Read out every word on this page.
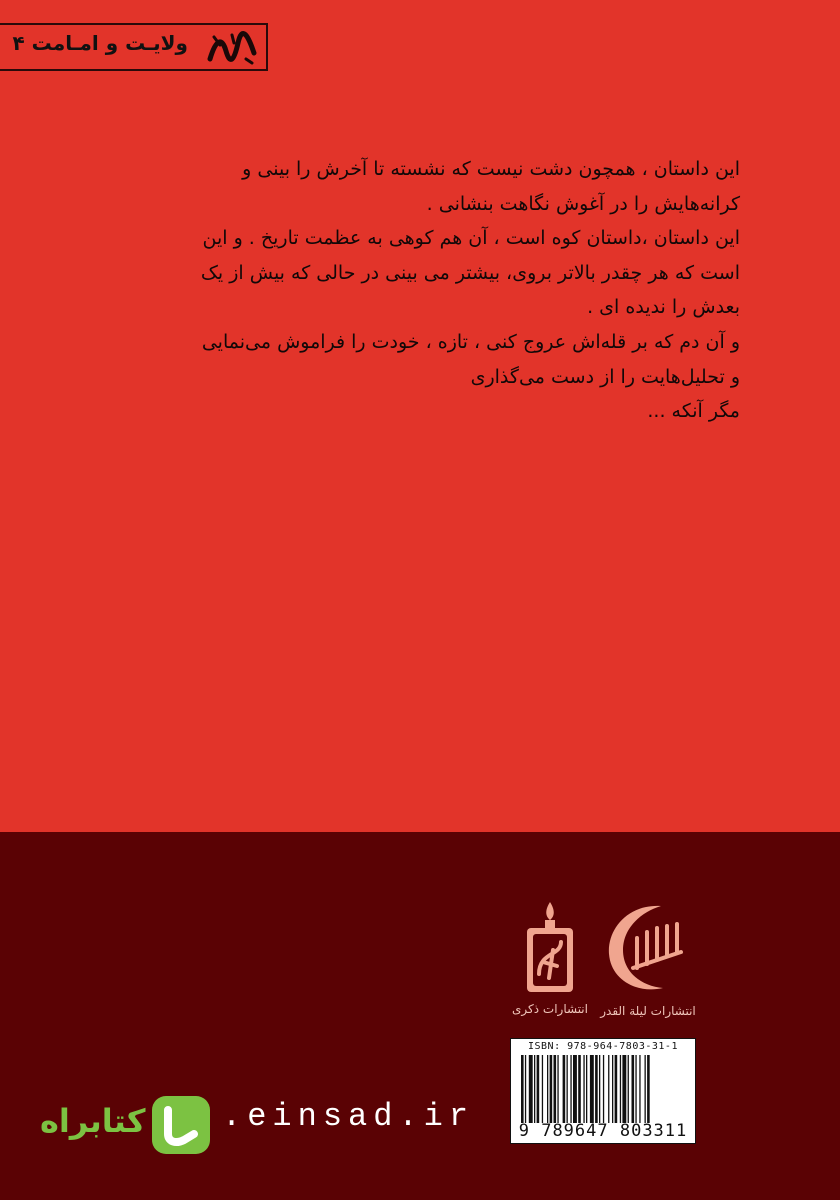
ولایـت و امـامت ۴

این داستان ، همچون دشت نیست که نشسته تا آخرش را بینی و کرانه‌هایش را در آغوش نگاهت بنشانی .

این داستان ،داستان کوه است ، آن هم کوهی به عظمت تاریخ . و این است که هر چقدر بالاتر بروی، بیشتر می بینی در حالی که بیش از یک بعدش را ندیده ای .

و آن دم که بر قله‌اش عروج کنی ، تازه ، خودت را فراموش می‌نمایی و تحلیل‌هایت را از دست می‌گذاری

مگر آنکه ...

انتشارات لیلة القدر
انتشارات ذکری
ISBN: 978-964-7803-31-1
9 789647 803311
.einsad.ir
کتابراه
